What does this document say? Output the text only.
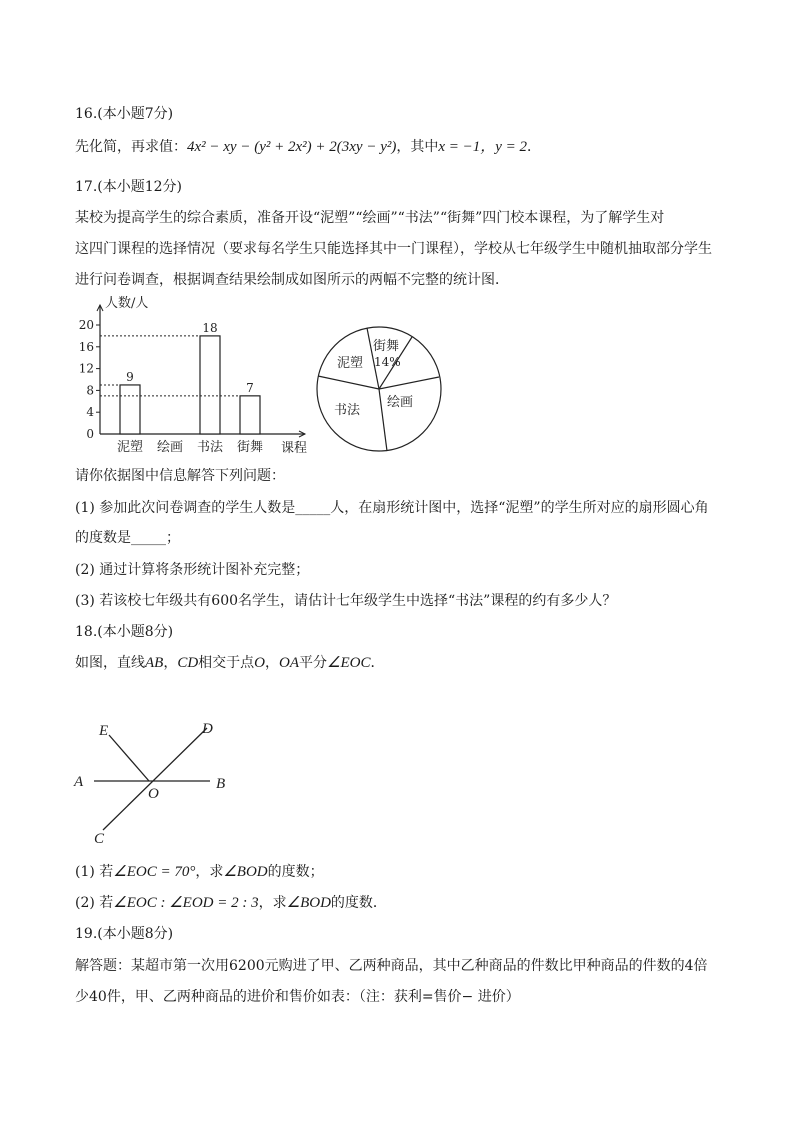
16.(本小题7分)
先化简，再求值：4x² − xy − (y² + 2x²) + 2(3xy − y²)，其中x = −1，y = 2．
17.(本小题12分)
某校为提高学生的综合素质，准备开设“泥塑”“绘画”“书法”“街舞”四门校本课程，为了解学生对
这四门课程的选择情况（要求每名学生只能选择其中一门课程），学校从七年级学生中随机抽取部分学生
进行问卷调查，根据调查结果绘制成如图所示的两幅不完整的统计图．
0
4
8
12
16
20
人数/人
课程
泥塑
9
绘画 书法
18
街舞
7
泥塑
街舞
14%
绘画
书法
请你依据图中信息解答下列问题：
(1) 参加此次问卷调查的学生人数是_____人，在扇形统计图中，选择“泥塑”的学生所对应的扇形圆心角
的度数是_____；
(2) 通过计算将条形统计图补充完整；
(3) 若该校七年级共有600名学生，请估计七年级学生中选择“书法”课程的约有多少人？
18.(本小题8分)
如图，直线AB，CD相交于点O，OA平分∠EOC．
E	D
A	B
O
C
(1) 若∠EOC = 70°，求∠BOD的度数；
(2) 若∠EOC : ∠EOD = 2 : 3，求∠BOD的度数．
19.(本小题8分)
解答题：某超市第一次用6200元购进了甲、乙两种商品，其中乙种商品的件数比甲种商品的件数的4倍
少40件，甲、乙两种商品的进价和售价如表：（注：获利=售价− 进价）
